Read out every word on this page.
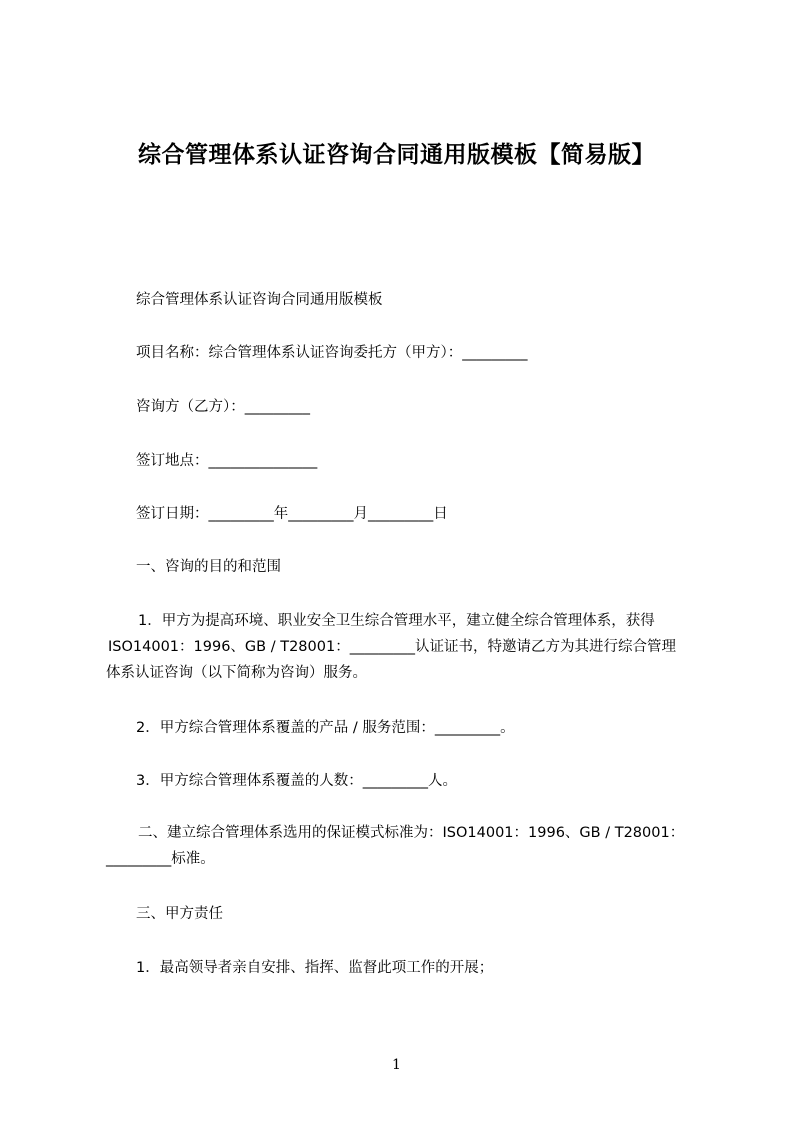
综合管理体系认证咨询合同通用版模板【简易版】
综合管理体系认证咨询合同通用版模板
项目名称：综合管理体系认证咨询委托方（甲方）：_________
咨询方（乙方）：_________
签订地点：_______________
签订日期：_________年_________月_________日
一、咨询的目的和范围
1．甲方为提高环境、职业安全卫生综合管理水平，建立健全综合管理体系，获得
ISO14001：1996、GB / T28001：_________认证证书，特邀请乙方为其进行综合管理
体系认证咨询（以下简称为咨询）服务。
2．甲方综合管理体系覆盖的产品 / 服务范围：_________。
3．甲方综合管理体系覆盖的人数：_________人。
二、建立综合管理体系选用的保证模式标准为：ISO14001：1996、GB / T28001：
_________标准。
三、甲方责任
1．最高领导者亲自安排、指挥、监督此项工作的开展；
1
